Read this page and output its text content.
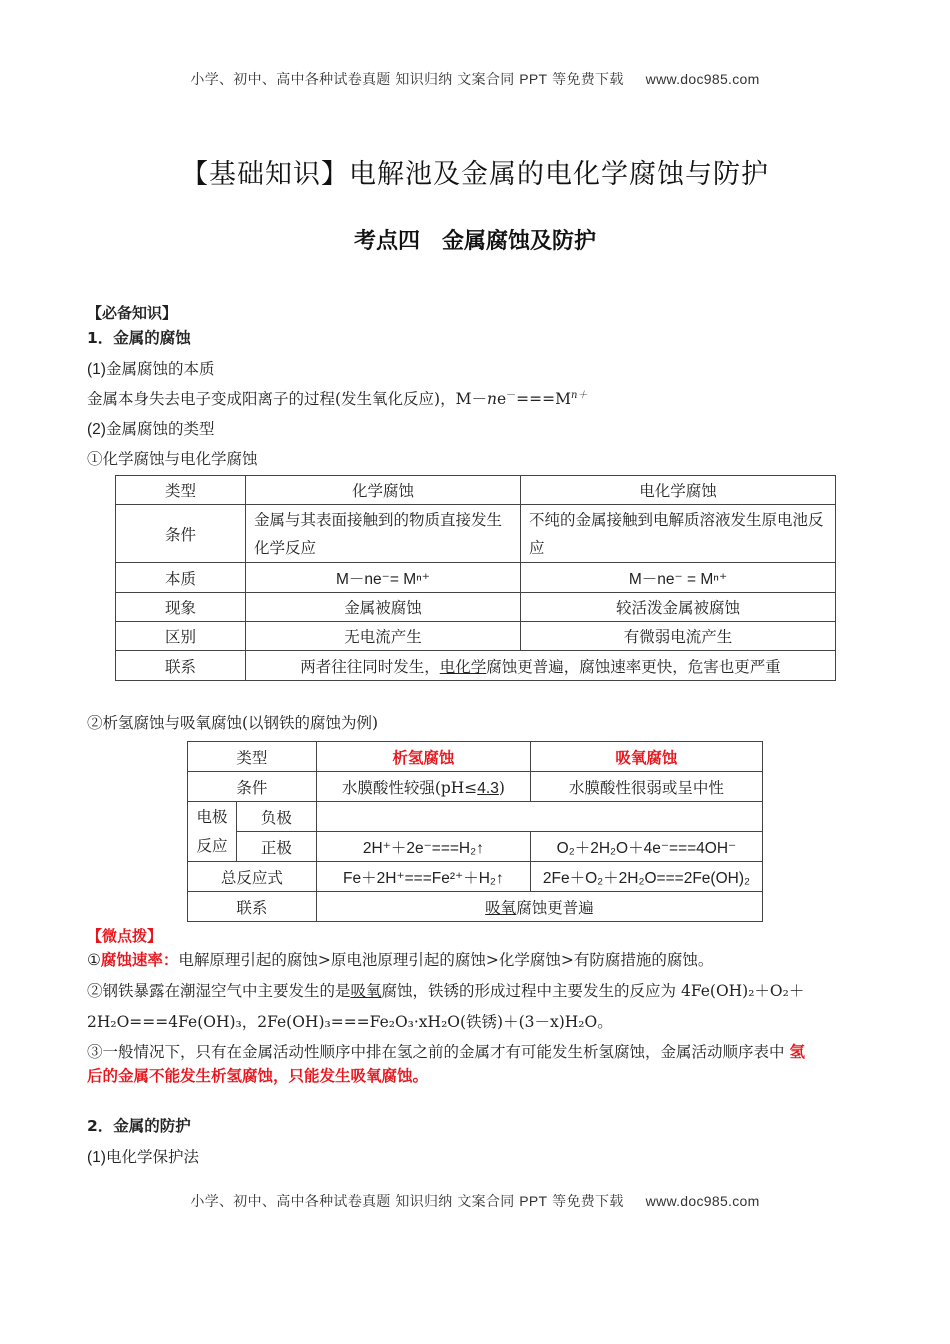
小学、初中、高中各种试卷真题 知识归纳 文案合同 PPT 等免费下载 www.doc985.com
【基础知识】电解池及金属的电化学腐蚀与防护
考点四　金属腐蚀及防护
【必备知识】
1．金属的腐蚀
(1)金属腐蚀的本质
金属本身失去电子变成阳离子的过程(发生氧化反应)，$M-ne^-===M^{n+}$
(2)金属腐蚀的类型
①化学腐蚀与电化学腐蚀
类型	化学腐蚀	电化学腐蚀
条件	金属与其表面接触到的物质直接发生化学反应	不纯的金属接触到电解质溶液发生原电池反应
本质	M－ne⁻= Mⁿ⁺	M－ne⁻ = Mⁿ⁺
现象	金属被腐蚀	较活泼金属被腐蚀
区别	无电流产生	有微弱电流产生
联系	两者往往同时发生，电化学腐蚀更普遍，腐蚀速率更快，危害也更严重	
②析氢腐蚀与吸氧腐蚀(以钢铁的腐蚀为例)
类型		析氢腐蚀	吸氧腐蚀
条件		水膜酸性较强(pH≤4.3)	水膜酸性很弱或呈中性
电极
反应	负极		
	正极	2H⁺＋2e⁻===H₂↑	O₂＋2H₂O＋4e⁻===4OH⁻
总反应式		Fe＋2H⁺===Fe²⁺＋H₂↑	2Fe＋O₂＋2H₂O===2Fe(OH)₂
联系		吸氧腐蚀更普遍	
【微点拨】
①腐蚀速率：电解原理引起的腐蚀>原电池原理引起的腐蚀>化学腐蚀>有防腐措施的腐蚀。
②钢铁暴露在潮湿空气中主要发生的是吸氧腐蚀，铁锈的形成过程中主要发生的反应为 4Fe(OH)₂＋O₂＋
2H₂O===4Fe(OH)₃，2Fe(OH)₃===Fe₂O₃·xH₂O(铁锈)＋(3－x)H₂O。
③一般情况下，只有在金属活动性顺序中排在氢之前的金属才有可能发生析氢腐蚀，金属活动顺序表中 氢
后的金属不能发生析氢腐蚀，只能发生吸氧腐蚀。
2．金属的防护
(1)电化学保护法
小学、初中、高中各种试卷真题 知识归纳 文案合同 PPT 等免费下载 www.doc985.com
